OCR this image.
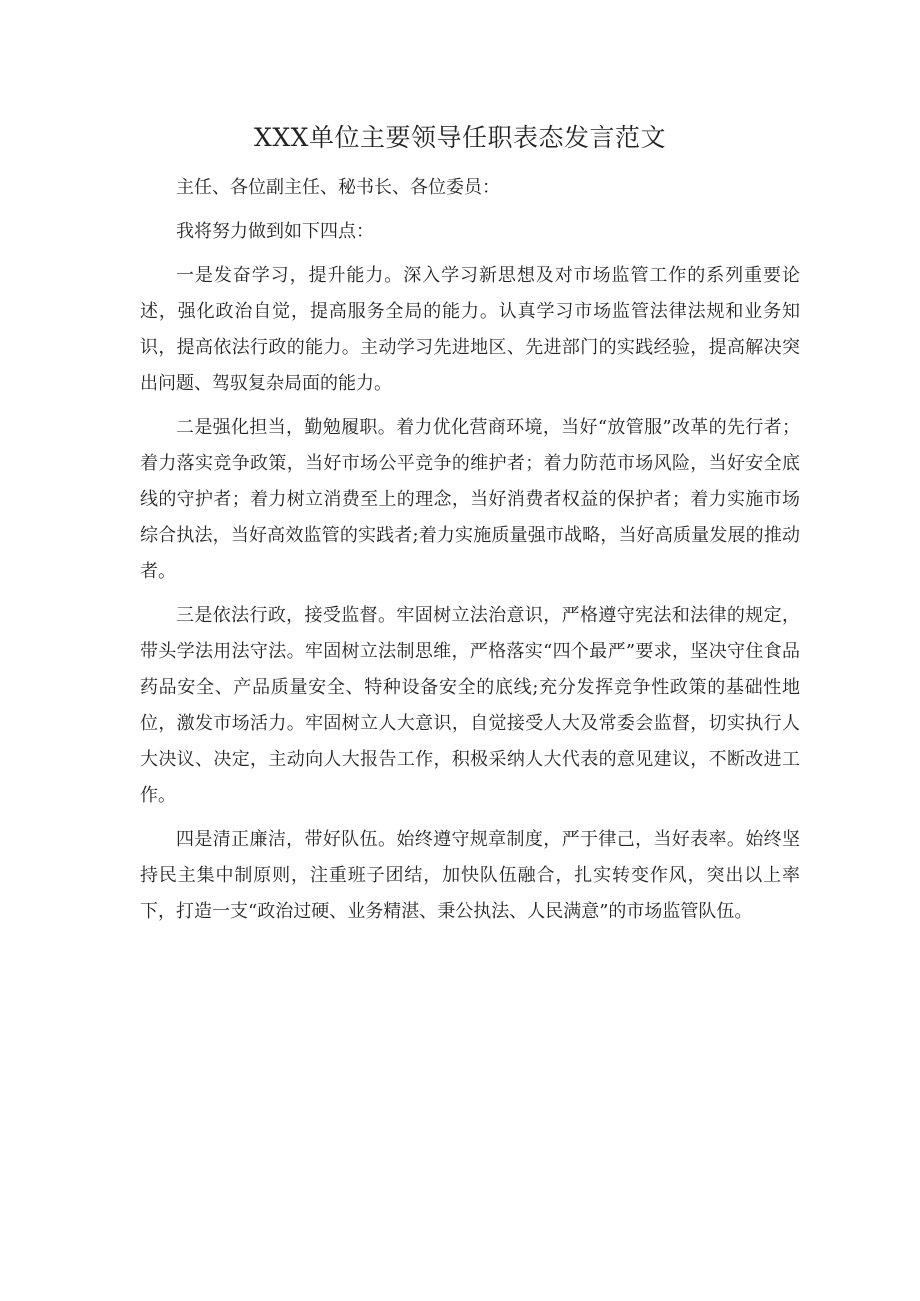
XXX单位主要领导任职表态发言范文

主任、各位副主任、秘书长、各位委员：

我将努力做到如下四点：

一是发奋学习，提升能力。深入学习新思想及对市场监管工作的系列重要论述，强化政治自觉，提高服务全局的能力。认真学习市场监管法律法规和业务知识，提高依法行政的能力。主动学习先进地区、先进部门的实践经验，提高解决突出问题、驾驭复杂局面的能力。

二是强化担当，勤勉履职。着力优化营商环境，当好“放管服”改革的先行者；着力落实竞争政策，当好市场公平竞争的维护者；着力防范市场风险，当好安全底线的守护者；着力树立消费至上的理念，当好消费者权益的保护者；着力实施市场综合执法，当好高效监管的实践者;着力实施质量强市战略，当好高质量发展的推动者。

三是依法行政，接受监督。牢固树立法治意识，严格遵守宪法和法律的规定，带头学法用法守法。牢固树立法制思维，严格落实“四个最严”要求，坚决守住食品药品安全、产品质量安全、特种设备安全的底线;充分发挥竞争性政策的基础性地位，激发市场活力。牢固树立人大意识，自觉接受人大及常委会监督，切实执行人大决议、决定，主动向人大报告工作，积极采纳人大代表的意见建议，不断改进工作。

四是清正廉洁，带好队伍。始终遵守规章制度，严于律己，当好表率。始终坚持民主集中制原则，注重班子团结，加快队伍融合，扎实转变作风，突出以上率下，打造一支“政治过硬、业务精湛、秉公执法、人民满意”的市场监管队伍。
